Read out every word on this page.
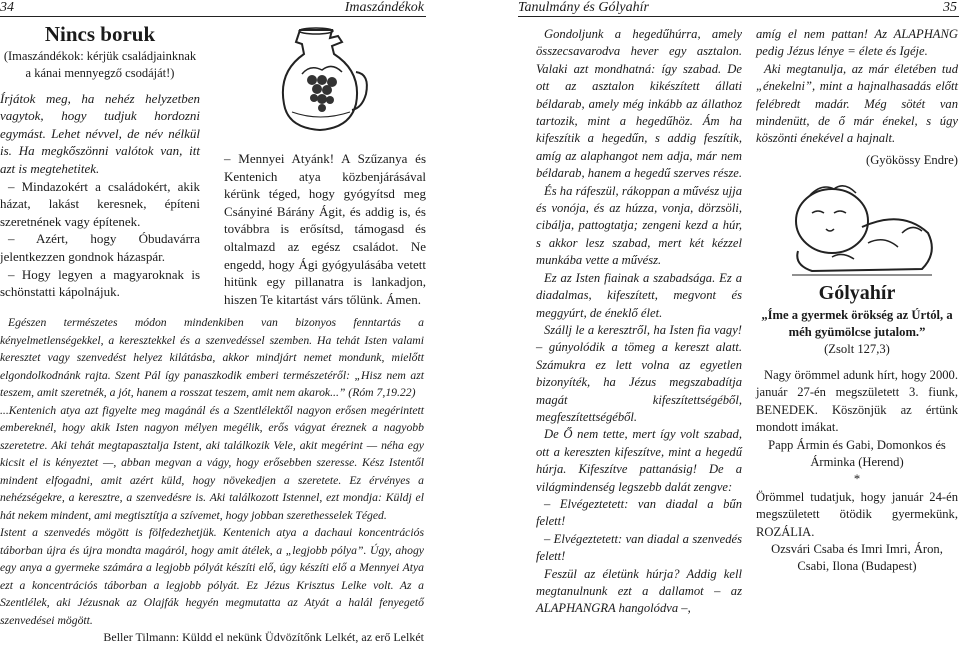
34	Imaszándékok
Nincs boruk

(Imaszándékok: kérjük családjainknak a kánai mennyegző csodáját!)

Írjátok meg, ha nehéz helyzetben vagytok, hogy tudjuk hordozni egymást. Lehet névvel, de név nélkül is. Ha megkőszönni valótok van, itt azt is megtehetitek.

– Mindazokért a családokért, akik házat, lakást keresnek, építeni szeretnének vagy építenek.

– Azért, hogy Óbudavárra jelentkezzen gondnok házaspár.

– Hogy legyen a magyaroknak is schönstatti kápolnájuk.

– Mennyei Atyánk! A Szűzanya és Kentenich atya közbenjárásával kérünk téged, hogy gyógyítsd meg Csányiné Bárány Ágit, és addig is, és továbbra is erősítsd, támogasd és oltalmazd az egész családot. Ne engedd, hogy Ági gyógyulásába vetett hitünk egy pillanatra is lankadjon, hiszen Te kitartást várs tőlünk. Ámen.

Egészen természetes módon mindenkiben van bizonyos fenntartás a kényelmetlenségekkel, a keresztekkel és a szenvedéssel szemben. Ha tehát Isten valami keresztet vagy szenvedést helyez kilátásba, akkor mindjárt nemet mondunk, mielőtt elgondolkodnánk rajta. Szent Pál így panaszkodik emberi természetéről: „Hisz nem azt teszem, amit szeretnék, a jót, hanem a rosszat teszem, amit nem akarok...” (Róm 7,19.22)

...Kentenich atya azt figyelte meg magánál és a Szentlélektől nagyon erősen megérintett embereknél, hogy akik Isten nagyon mélyen megélik, erős vágyat éreznek a nagyobb szeretetre. Aki tehát megtapasztalja Istent, aki találkozik Vele, akit megérint — néha egy kicsit el is kényeztet —, abban megvan a vágy, hogy erősebben szeresse. Kész Istentől mindent elfogadni, amit azért küld, hogy növekedjen a szeretete. Ez érvényes a nehézségekre, a keresztre, a szenvedésre is. Aki találkozott Istennel, ezt mondja: Küldj el hát nekem mindent, ami megtisztítja a szívemet, hogy jobban szerethesselek Téged.

Istent a szenvedés mögött is fölfedezhetjük. Kentenich atya a dachaui koncentrációs táborban újra és újra mondta magáról, hogy amit átélek, a „legjobb pólya”. Úgy, ahogy egy anya a gyermeke számára a legjobb pólyát készíti elő, úgy készíti elő a Mennyei Atya ezt a koncentrációs táborban a legjobb pólyát. Ez Jézus Krisztus Lelke volt. Az a Szentlélek, aki Jézusnak az Olajfák hegyén megmutatta az Atyát a halál fenyegető szenvedései mögött.

Beller Tilmann: Küldd el nekünk Üdvözítőnk Lelkét, az erő Lelkét

Tanulmány és Gólyahír	35

Gondoljunk a hegedűhúrra, amely összecsavarodva hever egy asztalon. Valaki azt mondhatná: így szabad. De ott az asztalon kikészített állati béldarab, amely még inkább az állathoz tartozik, mint a hegedűhöz. Ám ha kifeszítik a hegedűn, s addig feszítik, amíg az alaphangot nem adja, már nem béldarab, hanem a hegedű szerves része.

És ha ráfeszül, rákoppan a művész ujja és vonója, és az húzza, vonja, dörzsöli, cibálja, pattogtatja; zengeni kezd a húr, s akkor lesz szabad, mert két kézzel munkába vette a művész.

Ez az Isten fiainak a szabadsága. Ez a diadalmas, kifeszített, megvont és meggyúrt, de éneklő élet.

Szállj le a keresztről, ha Isten fia vagy! – gúnyolódik a tömeg a kereszt alatt. Számukra ez lett volna az egyetlen bizonyíték, ha Jézus megszabadítja magát kifeszítettségéből, megfeszítettségéből.

De Ő nem tette, mert így volt szabad, ott a kereszten kifeszítve, mint a hegedű húrja. Kifeszítve pattanásig! De a világmindenség legszebb dalát zengve:

– Elvégeztetett: van diadal a bűn felett!

– Elvégeztetett: van diadal a szenvedés felett!

Feszül az életünk húrja? Addig kell megtanulnunk ezt a dallamot – az ALAPHANGRA hangolódva –,

amíg el nem pattan! Az ALAPHANG pedig Jézus lénye = élete és Igéje.

Aki megtanulja, az már életében tud „énekelni”, mint a hajnalhasadás előtt felébredt madár. Még sötét van mindenütt, de ő már énekel, s úgy köszönti énekével a hajnalt.

(Gyökössy Endre)

Gólyahír

„Íme a gyermek örökség az Úrtól, a méh gyümölcse jutalom.”

(Zsolt 127,3)

Nagy örömmel adunk hírt, hogy 2000. január 27-én megszületett 3. fiunk, BENEDEK. Köszönjük az értünk mondott imákat.

Papp Ármin és Gabi, Domonkos és Árminka (Herend)

*

Örömmel tudatjuk, hogy január 24-én megszületett ötödik gyermekünk, ROZÁLIA.

Ozsvári Csaba és Imri Imri, Áron, Csabi, Ilona (Budapest)
